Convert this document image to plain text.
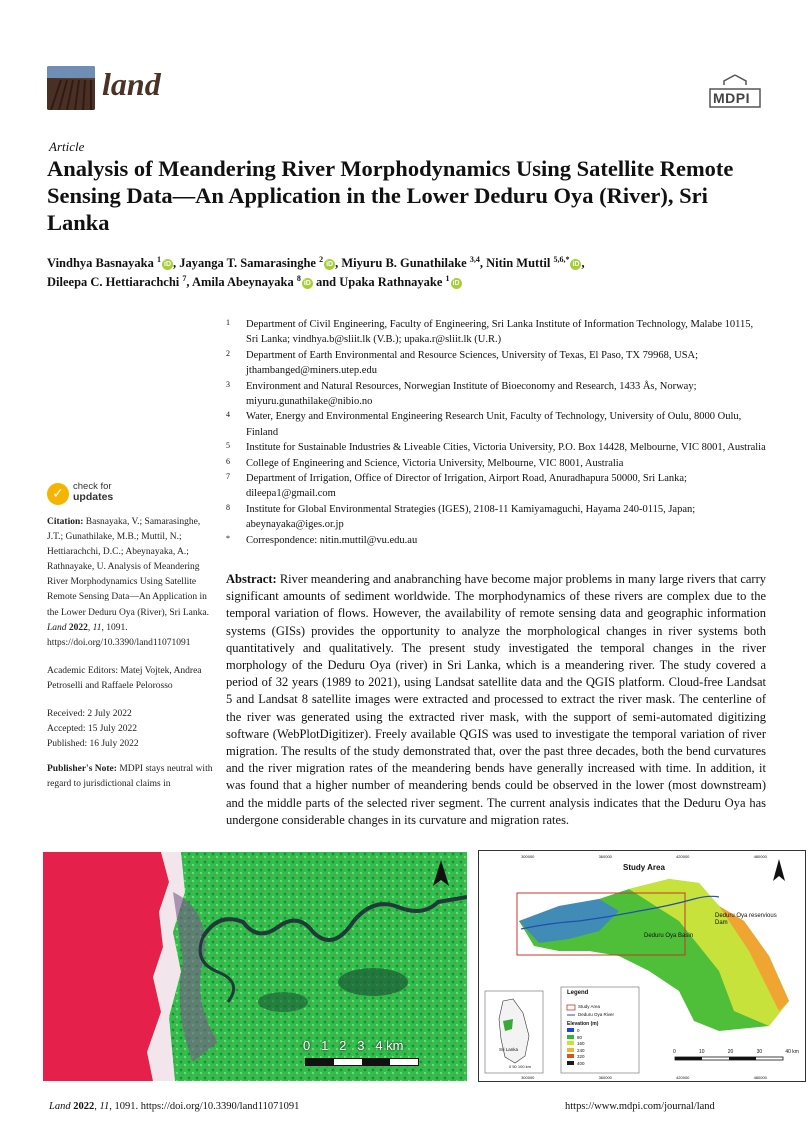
land	MDPI
Article
Analysis of Meandering River Morphodynamics Using Satellite Remote Sensing Data—An Application in the Lower Deduru Oya (River), Sri Lanka
Vindhya Basnayaka $^1$iD , Jayanga T. Samarasinghe $^2$iD , Miyuru B. Gunathilake $^{3,4}$, Nitin Muttil $^{5,6,*}$iD ,
Dileepa C. Hettiarachchi $^7$, Amila Abeynayaka $^8$iD and Upaka Rathnayake $^1$iD

1 Department of Civil Engineering, Faculty of Engineering, Sri Lanka Institute of Information Technology, Malabe 10115, Sri Lanka; vindhya.b@sliit.lk (V.B.); upaka.r@sliit.lk (U.R.)

2 Department of Earth Environmental and Resource Sciences, University of Texas, El Paso, TX 79968, USA; jthambanged@miners.utep.edu

3 Environment and Natural Resources, Norwegian Institute of Bioeconomy and Research, 1433 Ås, Norway; miyuru.gunathilake@nibio.no

4 Water, Energy and Environmental Engineering Research Unit, Faculty of Technology, University of Oulu, 8000 Oulu, Finland

5 Institute for Sustainable Industries & Liveable Cities, Victoria University, P.O. Box 14428, Melbourne, VIC 8001, Australia

6 College of Engineering and Science, Victoria University, Melbourne, VIC 8001, Australia

7 Department of Irrigation, Office of Director of Irrigation, Airport Road, Anuradhapura 50000, Sri Lanka; dileepa1@gmail.com

8 Institute for Global Environmental Strategies (IGES), 2108-11 Kamiyamaguchi, Hayama 240-0115, Japan; abeynayaka@iges.or.jp

* Correspondence: nitin.muttil@vu.edu.au

✓ check for
updates

Citation: Basnayaka, V.; Samarasinghe, J.T.; Gunathilake, M.B.; Muttil, N.; Hettiarachchi, D.C.; Abeynayaka, A.; Rathnayake, U. Analysis of Meandering River Morphodynamics Using Satellite Remote Sensing Data—An Application in the Lower Deduru Oya (River), Sri Lanka. Land 2022, 11, 1091. https://doi.org/10.3390/land11071091

Academic Editors: Matej Vojtek, Andrea Petroselli and Raffaele Pelorosso

Received: 2 July 2022
Accepted: 15 July 2022
Published: 16 July 2022

Publisher's Note: MDPI stays neutral with regard to jurisdictional claims in

Abstract: River meandering and anabranching have become major problems in many large rivers that carry significant amounts of sediment worldwide. The morphodynamics of these rivers are complex due to the temporal variation of flows. However, the availability of remote sensing data and geographic information systems (GISs) provides the opportunity to analyze the morphological changes in river systems both quantitatively and qualitatively. The present study investigated the temporal changes in the river morphology of the Deduru Oya (river) in Sri Lanka, which is a meandering river. The study covered a period of 32 years (1989 to 2021), using Landsat satellite data and the QGIS platform. Cloud-free Landsat 5 and Landsat 8 satellite images were extracted and processed to extract the river mask. The centerline of the river was generated using the extracted river mask, with the support of semi-automated digitizing software (WebPlotDigitizer). Freely available QGIS was used to investigate the temporal variation of river migration. The results of the study demonstrated that, over the past three decades, both the bend curvatures and the river migration rates of the meandering bends have generally increased with time. In addition, it was found that a higher number of meandering bends could be observed in the lower (most downstream) and the middle parts of the selected river segment. The current analysis indicates that the Deduru Oya has undergone considerable changes in its curvature and migration rates.
0 1 2 3 4 km
Study Area
Deduru Oya reservious Dam
Deduru Oya Basin
Sri Lanka
0 50 100 km
Legend
Study Area
Deduru Oya River
Elevation (m)
0
80
160
240
320
400
300000	360000	420000	480000
300000	360000	420000	480000
0	10	20	30	40 km
Land 2022, 11, 1091. https://doi.org/10.3390/land11071091	https://www.mdpi.com/journal/land
